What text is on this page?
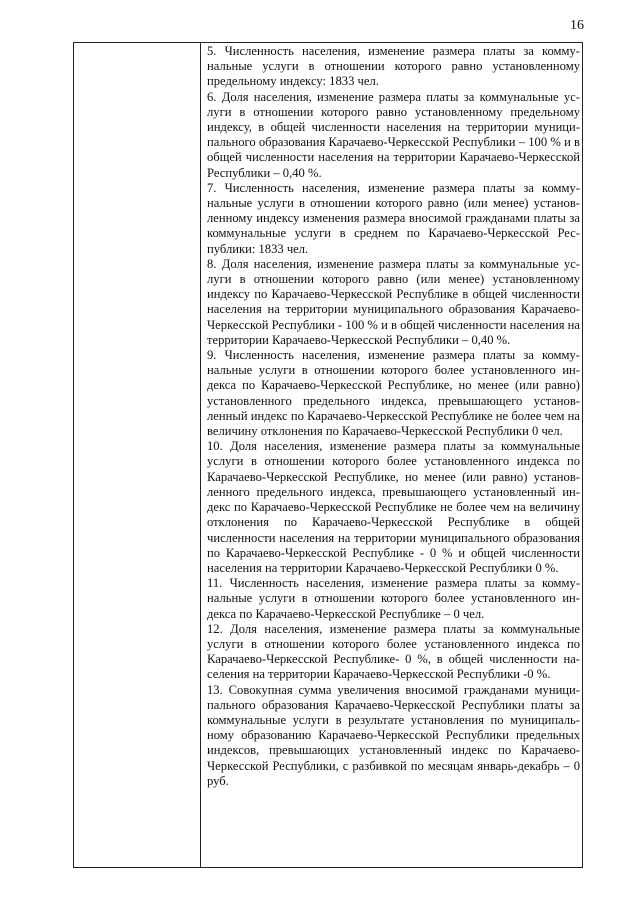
16

5. Численность населения, изменение размера платы за коммунальные услуги в отношении которого равно установленному предельному индексу: 1833 чел.

6. Доля населения, изменение размера платы за коммунальные услуги в отношении которого равно установленному предельному индексу, в общей численности населения на территории муниципального образования Карачаево-Черкесской Республики – 100 % и в общей численности населения на территории Карачаево-Черкесской Республики – 0,40 %.

7. Численность населения, изменение размера платы за коммунальные услуги в отношении которого равно (или менее) установленному индексу изменения размера вносимой гражданами платы за коммунальные услуги в среднем по Карачаево-Черкесской Республики: 1833 чел.

8. Доля населения, изменение размера платы за коммунальные услуги в отношении которого равно (или менее) установленному индексу по Карачаево-Черкесской Республике в общей численности населения на территории муниципального образования Карачаево-Черкесской Республики - 100 % и в общей численности населения на территории Карачаево-Черкесской Республики – 0,40 %.

9. Численность населения, изменение размера платы за коммунальные услуги в отношении которого более установленного индекса по Карачаево-Черкесской Республике, но менее (или равно) установленного предельного индекса, превышающего установленный индекс по Карачаево-Черкесской Республике не более чем на величину отклонения по Карачаево-Черкесской Республики 0 чел.

10. Доля населения, изменение размера платы за коммунальные услуги в отношении которого более установленного индекса по Карачаево-Черкесской Республике, но менее (или равно) установленного предельного индекса, превышающего установленный индекс по Карачаево-Черкесской Республике не более чем на величину отклонения по Карачаево-Черкесской Республике в общей численности населения на территории муниципального образования по Карачаево-Черкесской Республике - 0 % и общей численности населения на территории Карачаево-Черкесской Республики 0 %.

11. Численность населения, изменение размера платы за коммунальные услуги в отношении которого более установленного индекса по Карачаево-Черкесской Республике – 0 чел.

12. Доля населения, изменение размера платы за коммунальные услуги в отношении которого более установленного индекса по Карачаево-Черкесской Республике- 0 %, в общей численности населения на территории Карачаево-Черкесской Республики -0 %.

13. Совокупная сумма увеличения вносимой гражданами муниципального образования Карачаево-Черкесской Республики платы за коммунальные услуги в результате установления по муниципальному образованию Карачаево-Черкесской Республики предельных индексов, превышающих установленный индекс по Карачаево-Черкесской Республики, с разбивкой по месяцам январь-декабрь – 0 руб.
